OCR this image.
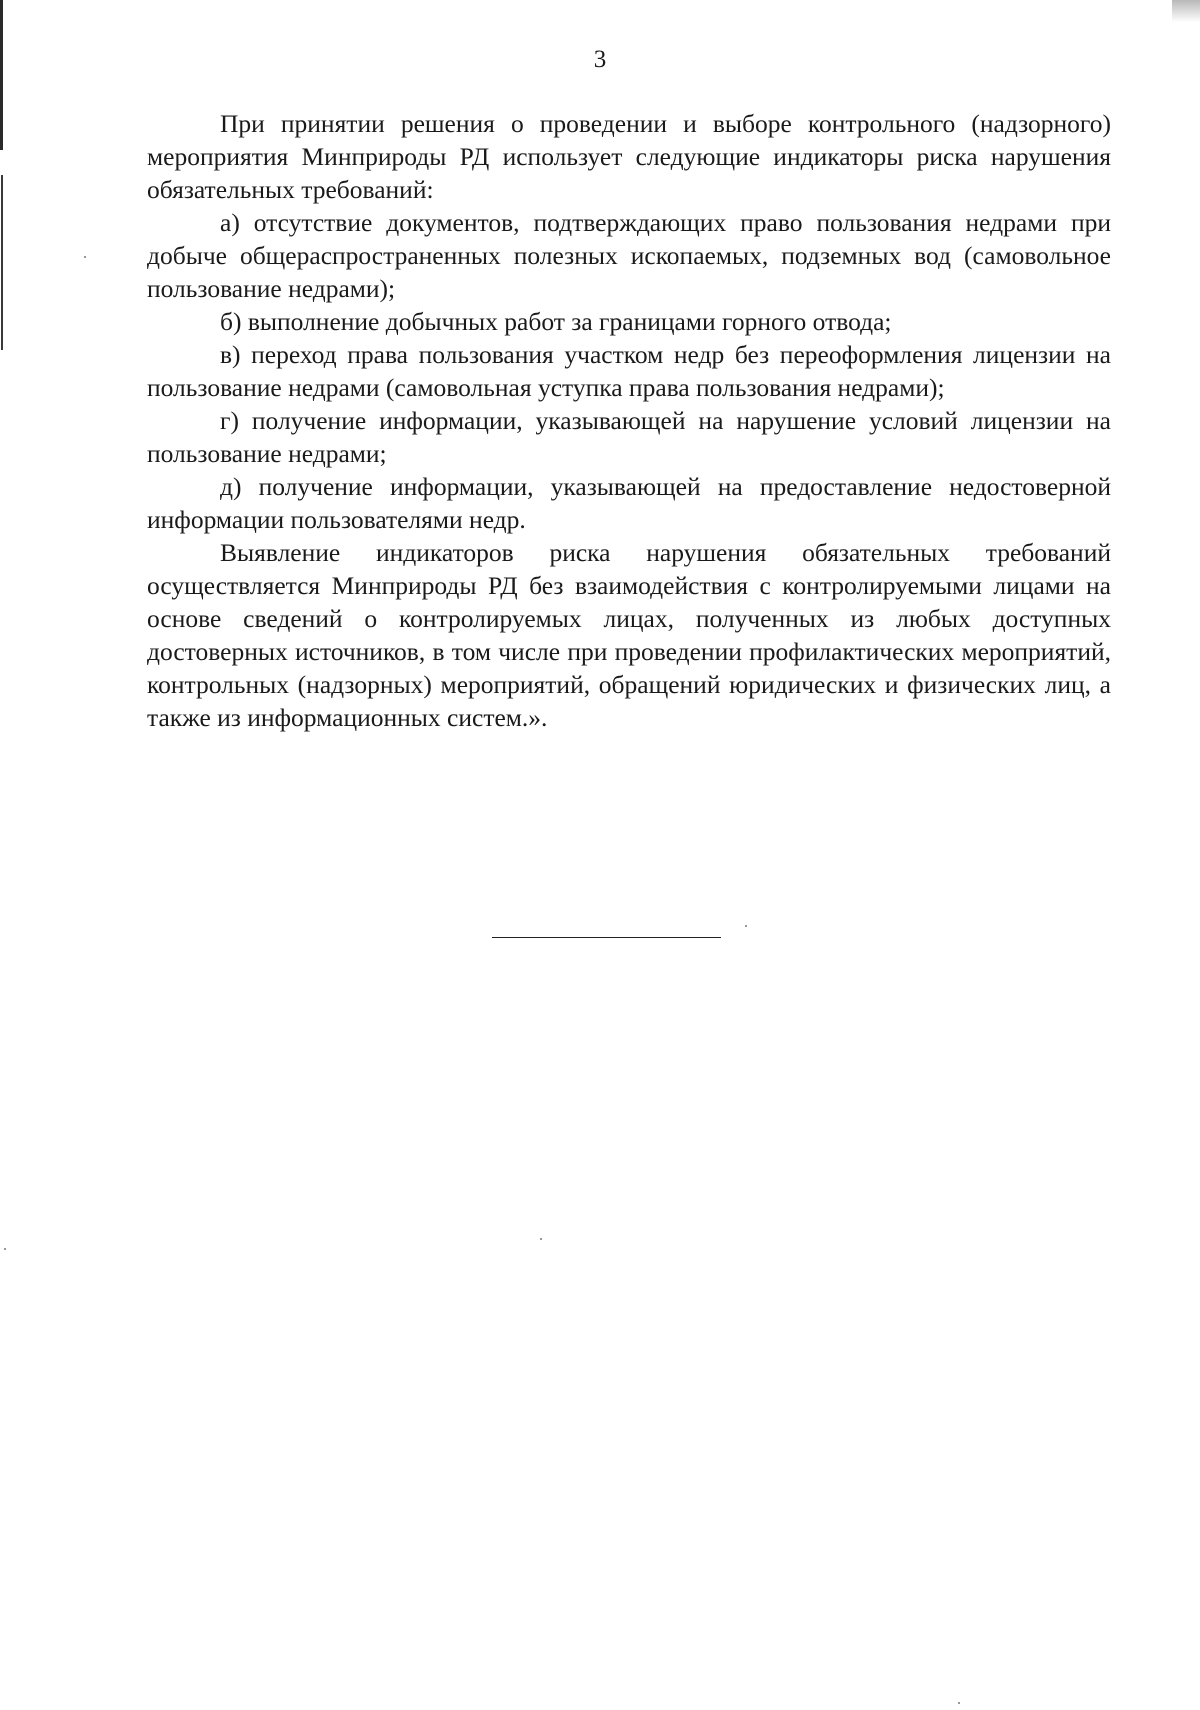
3

При принятии решения о проведении и выборе контрольного (надзорного) мероприятия Минприроды РД использует следующие индикаторы риска нарушения обязательных требований:

а) отсутствие документов, подтверждающих право пользования недрами при добыче общераспространенных полезных ископаемых, подземных вод (самовольное пользование недрами);

б) выполнение добычных работ за границами горного отвода;

в) переход права пользования участком недр без переоформления лицензии на пользование недрами (самовольная уступка права пользования недрами);

г) получение информации, указывающей на нарушение условий лицензии на пользование недрами;

д) получение информации, указывающей на предоставление недостоверной информации пользователями недр.

Выявление индикаторов риска нарушения обязательных требований осуществляется Минприроды РД без взаимодействия с контролируемыми лицами на основе сведений о контролируемых лицах, полученных из любых доступных достоверных источников, в том числе при проведении профилактических мероприятий, контрольных (надзорных) мероприятий, обращений юридических и физических лиц, а также из информационных систем.».
